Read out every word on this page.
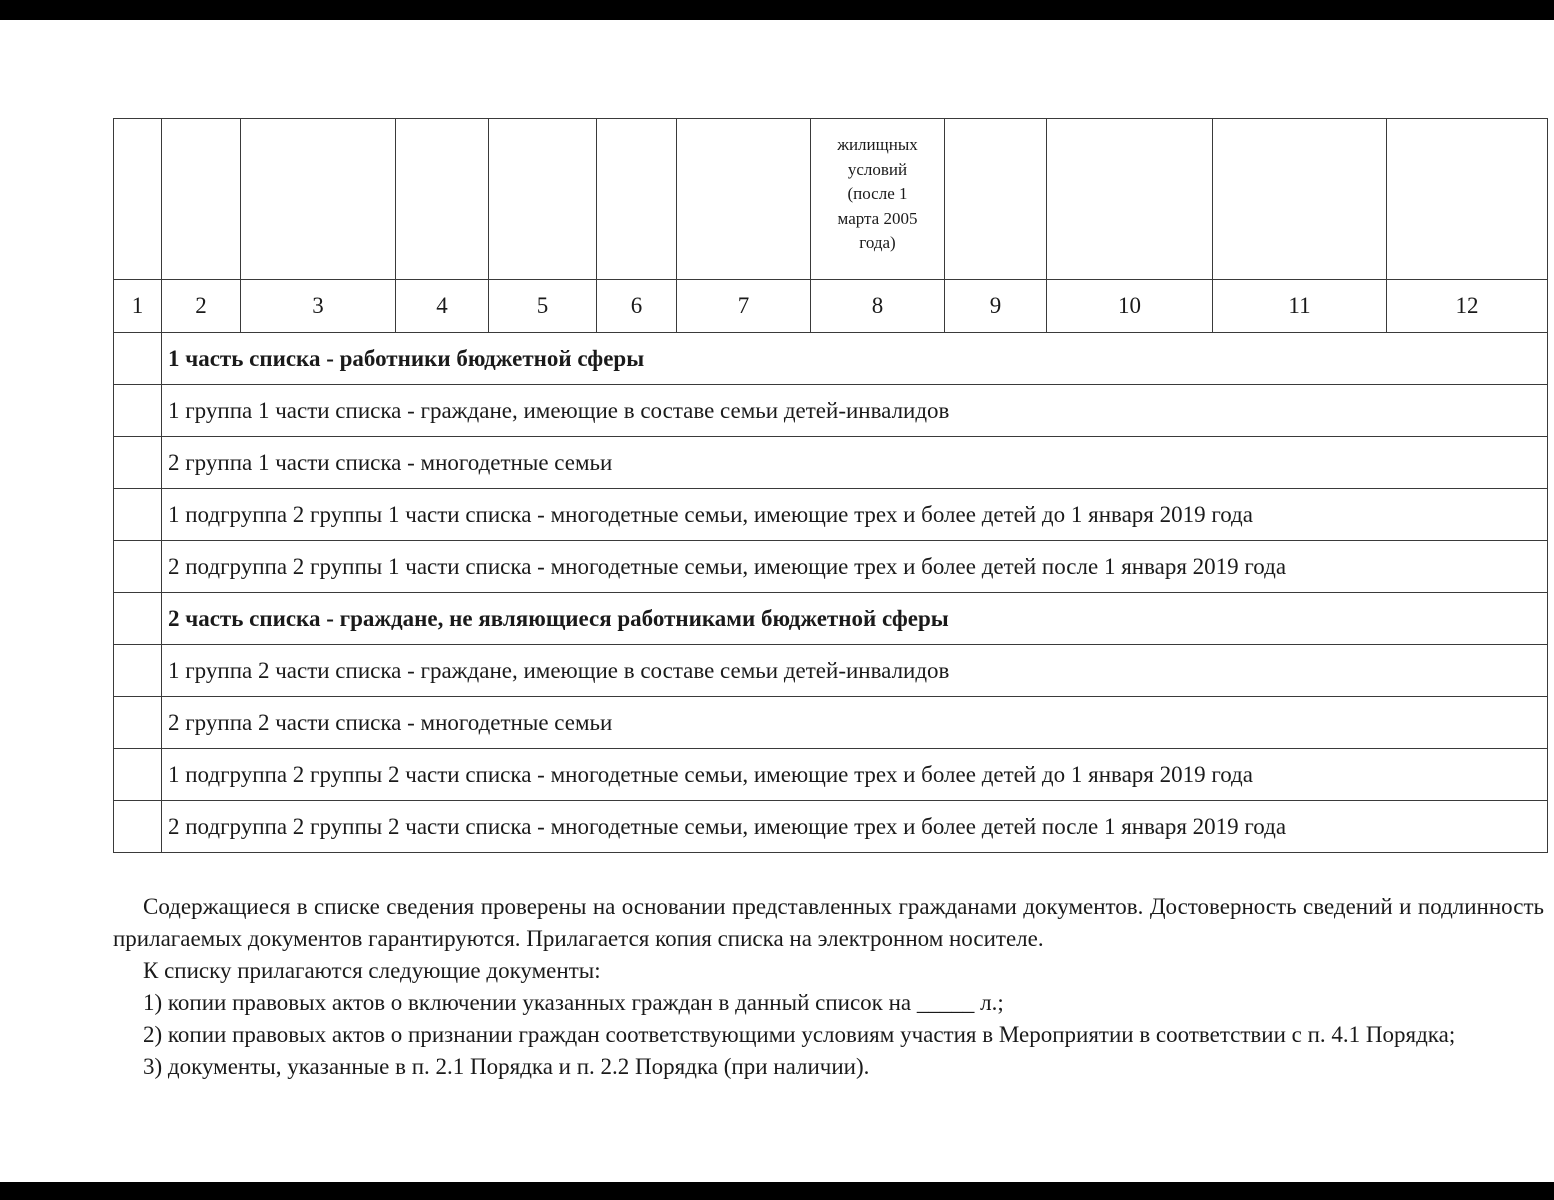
							жилищных
условий
(после 1
марта 2005
года)				

1	2	3	4	5	6	7	8	9	10	11	12
	1 часть списка - работники бюджетной сферы										
	1 группа 1 части списка - граждане, имеющие в составе семьи детей-инвалидов										
	2 группа 1 части списка - многодетные семьи										
	1 подгруппа 2 группы 1 части списка - многодетные семьи, имеющие трех и более детей до 1 января 2019 года										
	2 подгруппа 2 группы 1 части списка - многодетные семьи, имеющие трех и более детей после 1 января 2019 года										
	2 часть списка - граждане, не являющиеся работниками бюджетной сферы										
	1 группа 2 части списка - граждане, имеющие в составе семьи детей-инвалидов										
	2 группа 2 части списка - многодетные семьи										
	1 подгруппа 2 группы 2 части списка - многодетные семьи, имеющие трех и более детей до 1 января 2019 года										
	2 подгруппа 2 группы 2 части списка - многодетные семьи, имеющие трех и более детей после 1 января 2019 года										

Содержащиеся в списке сведения проверены на основании представленных гражданами документов. Достоверность сведений и подлинность прилагаемых документов гарантируются. Прилагается копия списка на электронном носителе.

К списку прилагаются следующие документы:

1) копии правовых актов о включении указанных граждан в данный список на _____ л.;

2) копии правовых актов о признании граждан соответствующими условиям участия в Мероприятии в соответствии с п. 4.1 Порядка;

3) документы, указанные в п. 2.1 Порядка и п. 2.2 Порядка (при наличии).
